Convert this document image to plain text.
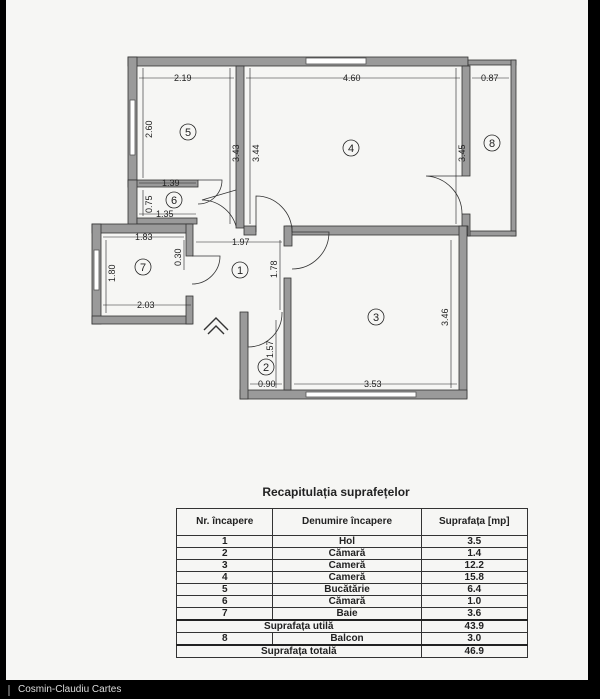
5
4	8
6
7	1
3
2
2.19	4.60	0.87
2.60
3.43 3.44	3.45
1.39
0.75
1.35
1.83	1.97
0.30
1.80	1.78
2.03
3.46
1.57
0.90	3.53
Recapitulația suprafețelor
Nr. încapere	Denumire încapere	Suprafața [mp]
1	Hol	3.5
2	Cămară	1.4
3	Cameră	12.2
4	Cameră	15.8
5	Bucătărie	6.4
6	Cămară	1.0
7	Baie	3.6
Suprafața utilă		43.9
8	Balcon	3.0
Suprafața totală		46.9
Cosmin-Claudiu Cartes
